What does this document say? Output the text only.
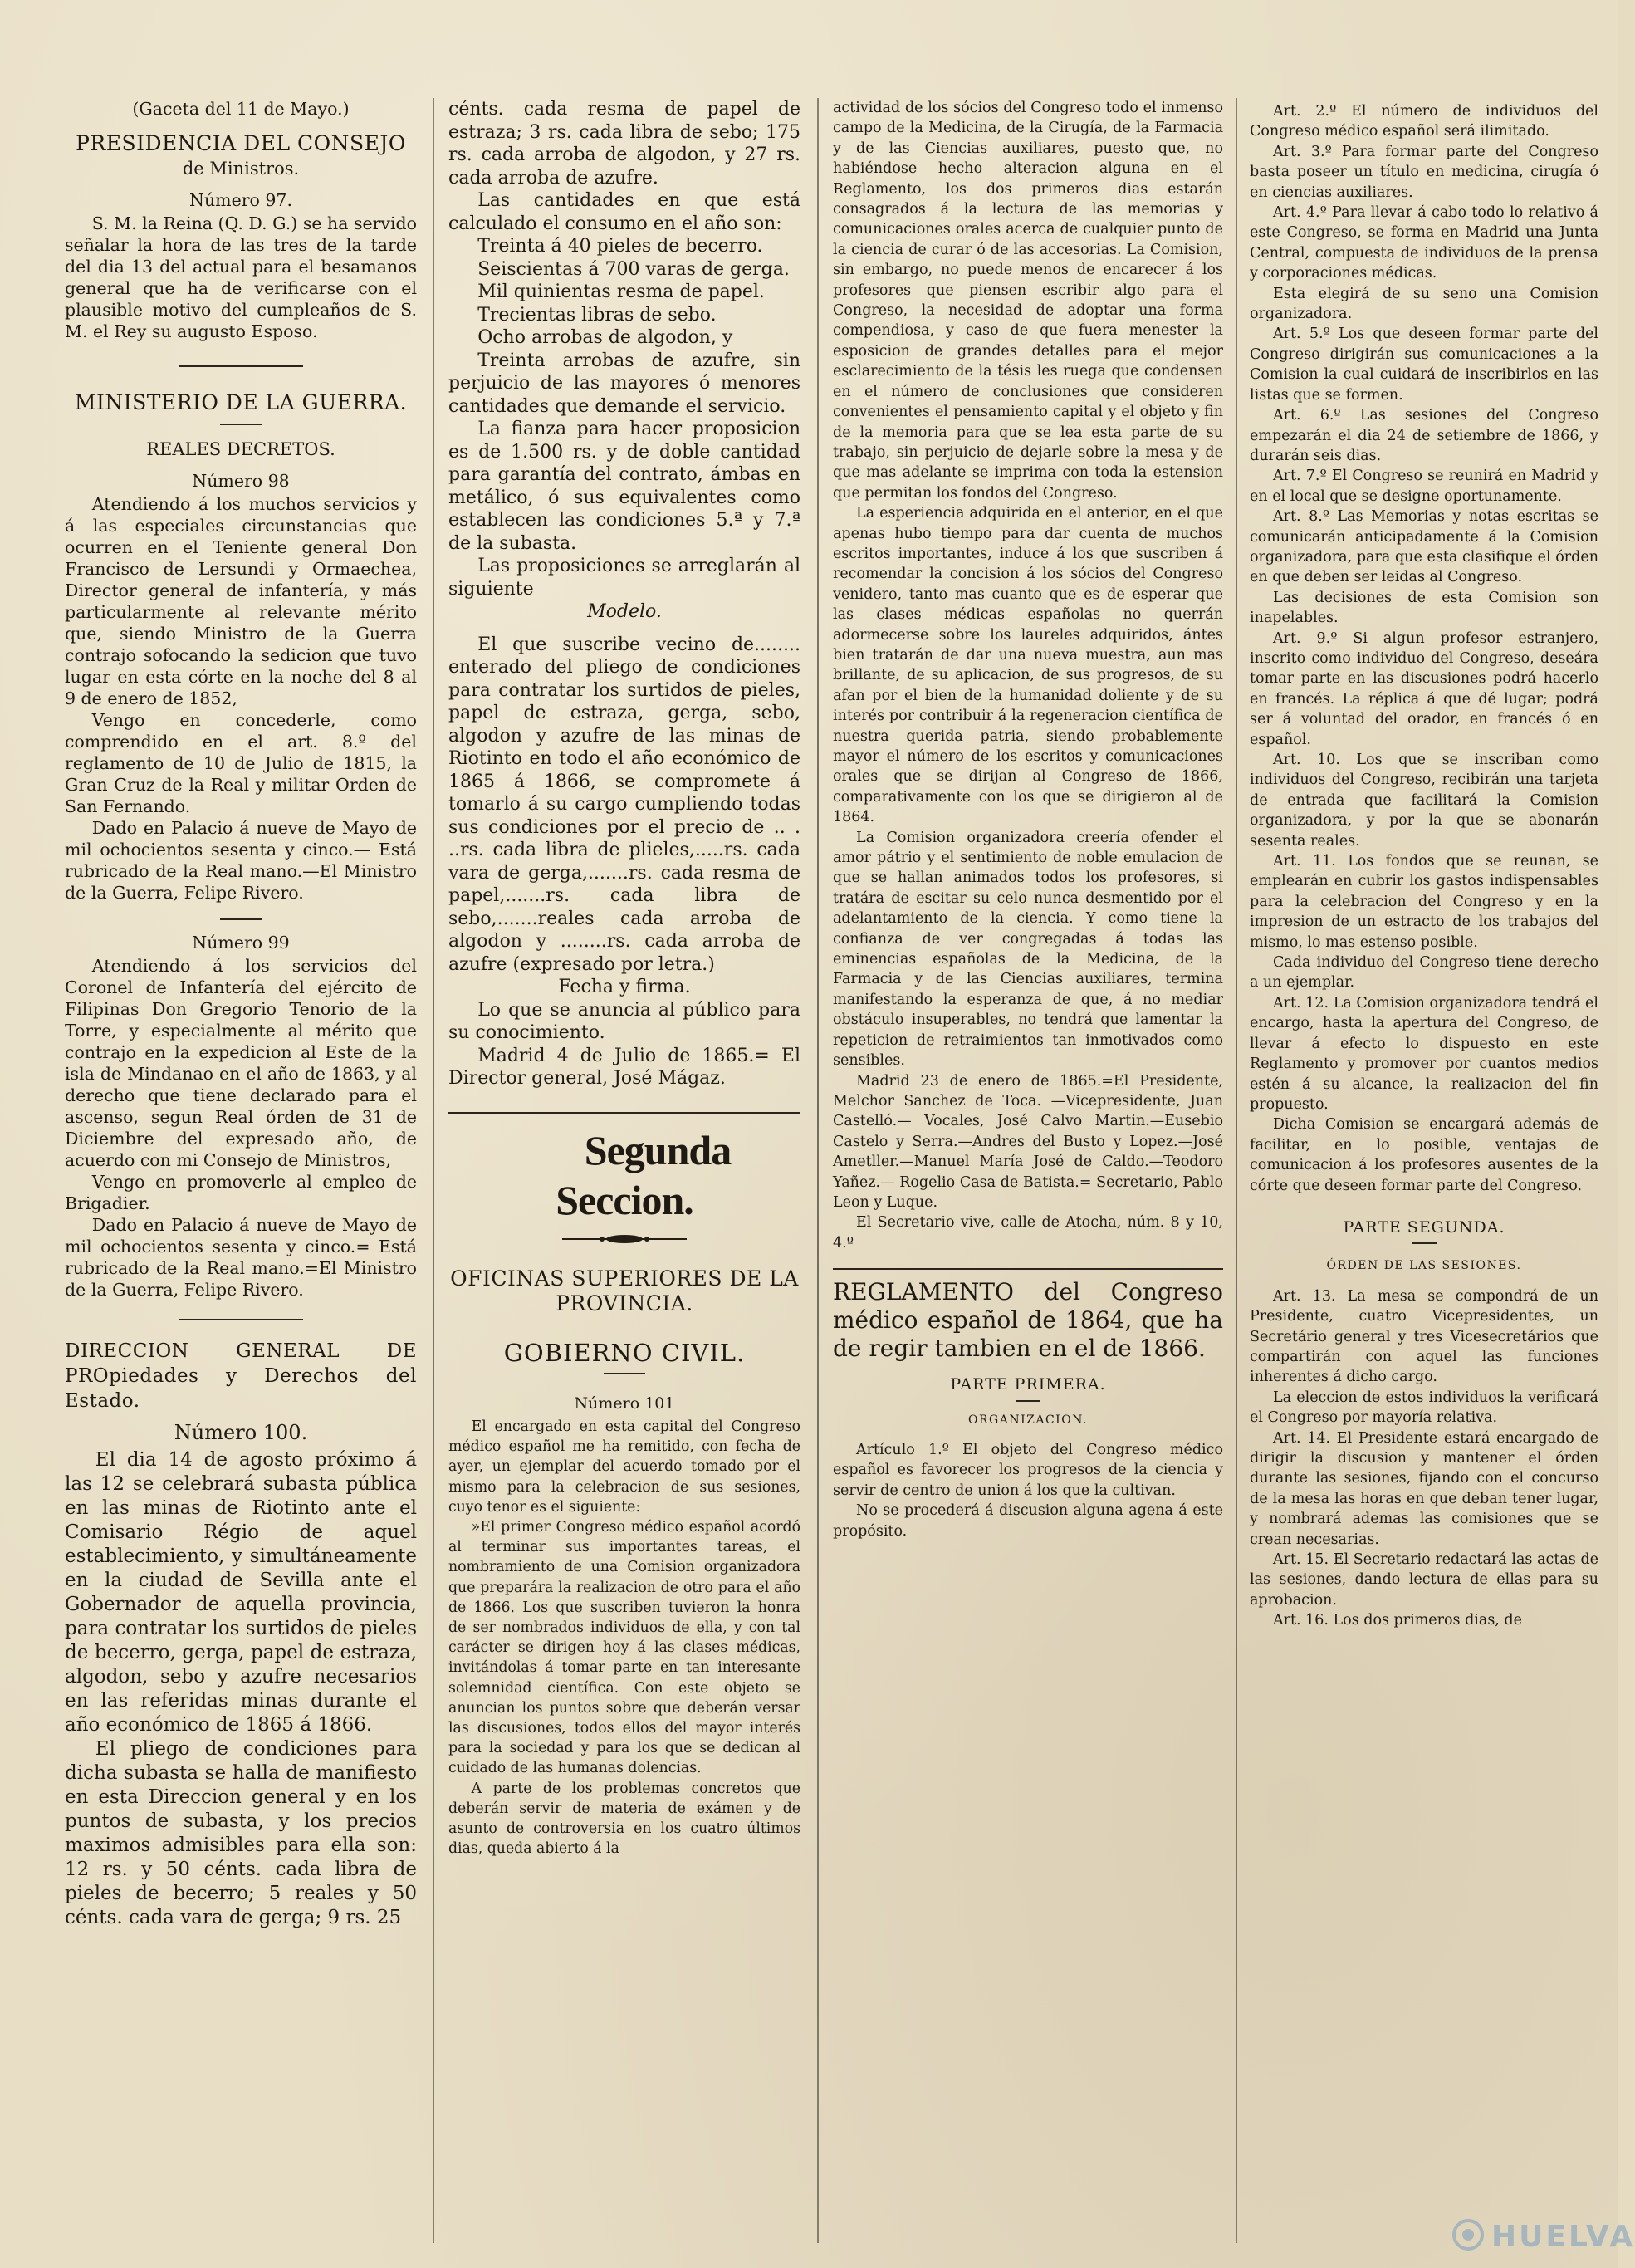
(Gaceta del 11 de Mayo.)

PRESIDENCIA DEL CONSEJO

de Ministros.

Número 97.

S. M. la Reina (Q. D. G.) se ha servido señalar la hora de las tres de la tarde del dia 13 del actual para el besamanos general que ha de verificarse con el plausible motivo del cumpleaños de S. M. el Rey su augusto Esposo.

MINISTERIO DE LA GUERRA.

REALES DECRETOS.

Número 98

Atendiendo á los muchos servicios y á las especiales circunstancias que ocurren en el Teniente general Don Francisco de Lersundi y Ormaechea, Director general de infantería, y más particularmente al relevante mérito que, siendo Ministro de la Guerra contrajo sofocando la sedicion que tuvo lugar en esta córte en la noche del 8 al 9 de enero de 1852,

Vengo en concederle, como comprendido en el art. 8.º del reglamento de 10 de Julio de 1815, la Gran Cruz de la Real y militar Orden de San Fernando.

Dado en Palacio á nueve de Mayo de mil ochocientos sesenta y cinco.— Está rubricado de la Real mano.—El Ministro de la Guerra, Felipe Rivero.

Número 99

Atendiendo á los servicios del Coronel de Infantería del ejército de Filipinas Don Gregorio Tenorio de la Torre, y especialmente al mérito que contrajo en la expedicion al Este de la isla de Mindanao en el año de 1863, y al derecho que tiene declarado para el ascenso, segun Real órden de 31 de Diciembre del expresado año, de acuerdo con mi Consejo de Ministros,

Vengo en promoverle al empleo de Brigadier.

Dado en Palacio á nueve de Mayo de mil ochocientos sesenta y cinco.= Está rubricado de la Real mano.=El Ministro de la Guerra, Felipe Rivero.

DIRECCION GENERAL DE PROpiedades y Derechos del Estado.

Número 100.

El dia 14 de agosto próximo á las 12 se celebrará subasta pública en las minas de Riotinto ante el Comisario Régio de aquel establecimiento, y simultáneamente en la ciudad de Sevilla ante el Gobernador de aquella provincia, para contratar los surtidos de pieles de becerro, gerga, papel de estraza, algodon, sebo y azufre necesarios en las referidas minas durante el año económico de 1865 á 1866.

El pliego de condiciones para dicha subasta se halla de manifiesto en esta Direccion general y en los puntos de subasta, y los precios maximos admisibles para ella son: 12 rs. y 50 cénts. cada libra de pieles de becerro; 5 reales y 50 cénts. cada vara de gerga; 9 rs. 25

cénts. cada resma de papel de estraza; 3 rs. cada libra de sebo; 175 rs. cada arroba de algodon, y 27 rs. cada arroba de azufre.

Las cantidades en que está calculado el consumo en el año son:

Treinta á 40 pieles de becerro.

Seiscientas á 700 varas de gerga.

Mil quinientas resma de papel.

Trecientas libras de sebo.

Ocho arrobas de algodon, y

Treinta arrobas de azufre, sin perjuicio de las mayores ó menores cantidades que demande el servicio.

La fianza para hacer proposicion es de 1.500 rs. y de doble cantidad para garantía del contrato, ámbas en metálico, ó sus equivalentes como establecen las condiciones 5.ª y 7.ª de la subasta.

Las proposiciones se arreglarán al siguiente

Modelo.

El que suscribe vecino de........ enterado del pliego de condiciones para contratar los surtidos de pieles, papel de estraza, gerga, sebo, algodon y azufre de las minas de Riotinto en todo el año económico de 1865 á 1866, se compromete á tomarlo á su cargo cumpliendo todas sus condiciones por el precio de .. . ..rs. cada libra de plieles,.....rs. cada vara de gerga,.......rs. cada resma de papel,.......rs. cada libra de sebo,.......reales cada arroba de algodon y ........rs. cada arroba de azufre (expresado por letra.)

Fecha y firma.

Lo que se anuncia al público para su conocimiento.

Madrid 4 de Julio de 1865.= El Director general, José Mágaz.

Segunda Seccion.

OFICINAS SUPERIORES DE LA PROVINCIA.

GOBIERNO CIVIL.

Número 101

El encargado en esta capital del Congreso médico español me ha remitido, con fecha de ayer, un ejemplar del acuerdo tomado por el mismo para la celebracion de sus sesiones, cuyo tenor es el siguiente:

»El primer Congreso médico español acordó al terminar sus importantes tareas, el nombramiento de una Comision organizadora que preparára la realizacion de otro para el año de 1866. Los que suscriben tuvieron la honra de ser nombrados individuos de ella, y con tal carácter se dirigen hoy á las clases médicas, invitándolas á tomar parte en tan interesante solemnidad científica. Con este objeto se anuncian los puntos sobre que deberán versar las discusiones, todos ellos del mayor interés para la sociedad y para los que se dedican al cuidado de las humanas dolencias.

A parte de los problemas concretos que deberán servir de materia de exámen y de asunto de controversia en los cuatro últimos dias, queda abierto á la

actividad de los sócios del Congreso todo el inmenso campo de la Medicina, de la Cirugía, de la Farmacia y de las Ciencias auxiliares, puesto que, no habiéndose hecho alteracion alguna en el Reglamento, los dos primeros dias estarán consagrados á la lectura de las memorias y comunicaciones orales acerca de cualquier punto de la ciencia de curar ó de las accesorias. La Comision, sin embargo, no puede menos de encarecer á los profesores que piensen escribir algo para el Congreso, la necesidad de adoptar una forma compendiosa, y caso de que fuera menester la esposicion de grandes detalles para el mejor esclarecimiento de la tésis les ruega que condensen en el número de conclusiones que consideren convenientes el pensamiento capital y el objeto y fin de la memoria para que se lea esta parte de su trabajo, sin perjuicio de dejarle sobre la mesa y de que mas adelante se imprima con toda la estension que permitan los fondos del Congreso.

La esperiencia adquirida en el anterior, en el que apenas hubo tiempo para dar cuenta de muchos escritos importantes, induce á los que suscriben á recomendar la concision á los sócios del Congreso venidero, tanto mas cuanto que es de esperar que las clases médicas españolas no querrán adormecerse sobre los laureles adquiridos, ántes bien tratarán de dar una nueva muestra, aun mas brillante, de su aplicacion, de sus progresos, de su afan por el bien de la humanidad doliente y de su interés por contribuir á la regeneracion científica de nuestra querida patria, siendo probablemente mayor el número de los escritos y comunicaciones orales que se dirijan al Congreso de 1866, comparativamente con los que se dirigieron al de 1864.

La Comision organizadora creería ofender el amor pátrio y el sentimiento de noble emulacion de que se hallan animados todos los profesores, si tratára de escitar su celo nunca desmentido por el adelantamiento de la ciencia. Y como tiene la confianza de ver congregadas á todas las eminencias españolas de la Medicina, de la Farmacia y de las Ciencias auxiliares, termina manifestando la esperanza de que, á no mediar obstáculo insuperables, no tendrá que lamentar la repeticion de retraimientos tan inmotivados como sensibles.

Madrid 23 de enero de 1865.=El Presidente, Melchor Sanchez de Toca. —Vicepresidente, Juan Castelló.— Vocales, José Calvo Martin.—Eusebio Castelo y Serra.—Andres del Busto y Lopez.—José Ametller.—Manuel María José de Caldo.—Teodoro Yañez.— Rogelio Casa de Batista.= Secretario, Pablo Leon y Luque.

El Secretario vive, calle de Atocha, núm. 8 y 10, 4.º

REGLAMENTO del Congreso médico español de 1864, que ha de regir tambien en el de 1866.

PARTE PRIMERA.

ORGANIZACION.

Artículo 1.º El objeto del Congreso médico español es favorecer los progresos de la ciencia y servir de centro de union á los que la cultivan.

No se procederá á discusion alguna agena á este propósito.

Art. 2.º El número de individuos del Congreso médico español será ilimitado.

Art. 3.º Para formar parte del Congreso basta poseer un título en medicina, cirugía ó en ciencias auxiliares.

Art. 4.º Para llevar á cabo todo lo relativo á este Congreso, se forma en Madrid una Junta Central, compuesta de individuos de la prensa y corporaciones médicas.

Esta elegirá de su seno una Comision organizadora.

Art. 5.º Los que deseen formar parte del Congreso dirigirán sus comunicaciones a la Comision la cual cuidará de inscribirlos en las listas que se formen.

Art. 6.º Las sesiones del Congreso empezarán el dia 24 de setiembre de 1866, y durarán seis dias.

Art. 7.º El Congreso se reunirá en Madrid y en el local que se designe oportunamente.

Art. 8.º Las Memorias y notas escritas se comunicarán anticipadamente á la Comision organizadora, para que esta clasifique el órden en que deben ser leidas al Congreso.

Las decisiones de esta Comision son inapelables.

Art. 9.º Si algun profesor estranjero, inscrito como individuo del Congreso, deseára tomar parte en las discusiones podrá hacerlo en francés. La réplica á que dé lugar; podrá ser á voluntad del orador, en francés ó en español.

Art. 10. Los que se inscriban como individuos del Congreso, recibirán una tarjeta de entrada que facilitará la Comision organizadora, y por la que se abonarán sesenta reales.

Art. 11. Los fondos que se reunan, se emplearán en cubrir los gastos indispensables para la celebracion del Congreso y en la impresion de un estracto de los trabajos del mismo, lo mas estenso posible.

Cada individuo del Congreso tiene derecho a un ejemplar.

Art. 12. La Comision organizadora tendrá el encargo, hasta la apertura del Congreso, de llevar á efecto lo dispuesto en este Reglamento y promover por cuantos medios estén á su alcance, la realizacion del fin propuesto.

Dicha Comision se encargará además de facilitar, en lo posible, ventajas de comunicacion á los profesores ausentes de la córte que deseen formar parte del Congreso.

PARTE SEGUNDA.

ÓRDEN DE LAS SESIONES.

Art. 13. La mesa se compondrá de un Presidente, cuatro Vicepresidentes, un Secretário general y tres Vicesecretários que compartirán con aquel las funciones inherentes á dicho cargo.

La eleccion de estos individuos la verificará el Congreso por mayoría relativa.

Art. 14. El Presidente estará encargado de dirigir la discusion y mantener el órden durante las sesiones, fijando con el concurso de la mesa las horas en que deban tener lugar, y nombrará ademas las comisiones que se crean necesarias.

Art. 15. El Secretario redactará las actas de las sesiones, dando lectura de ellas para su aprobacion.

Art. 16. Los dos primeros dias, de

HUELVA
